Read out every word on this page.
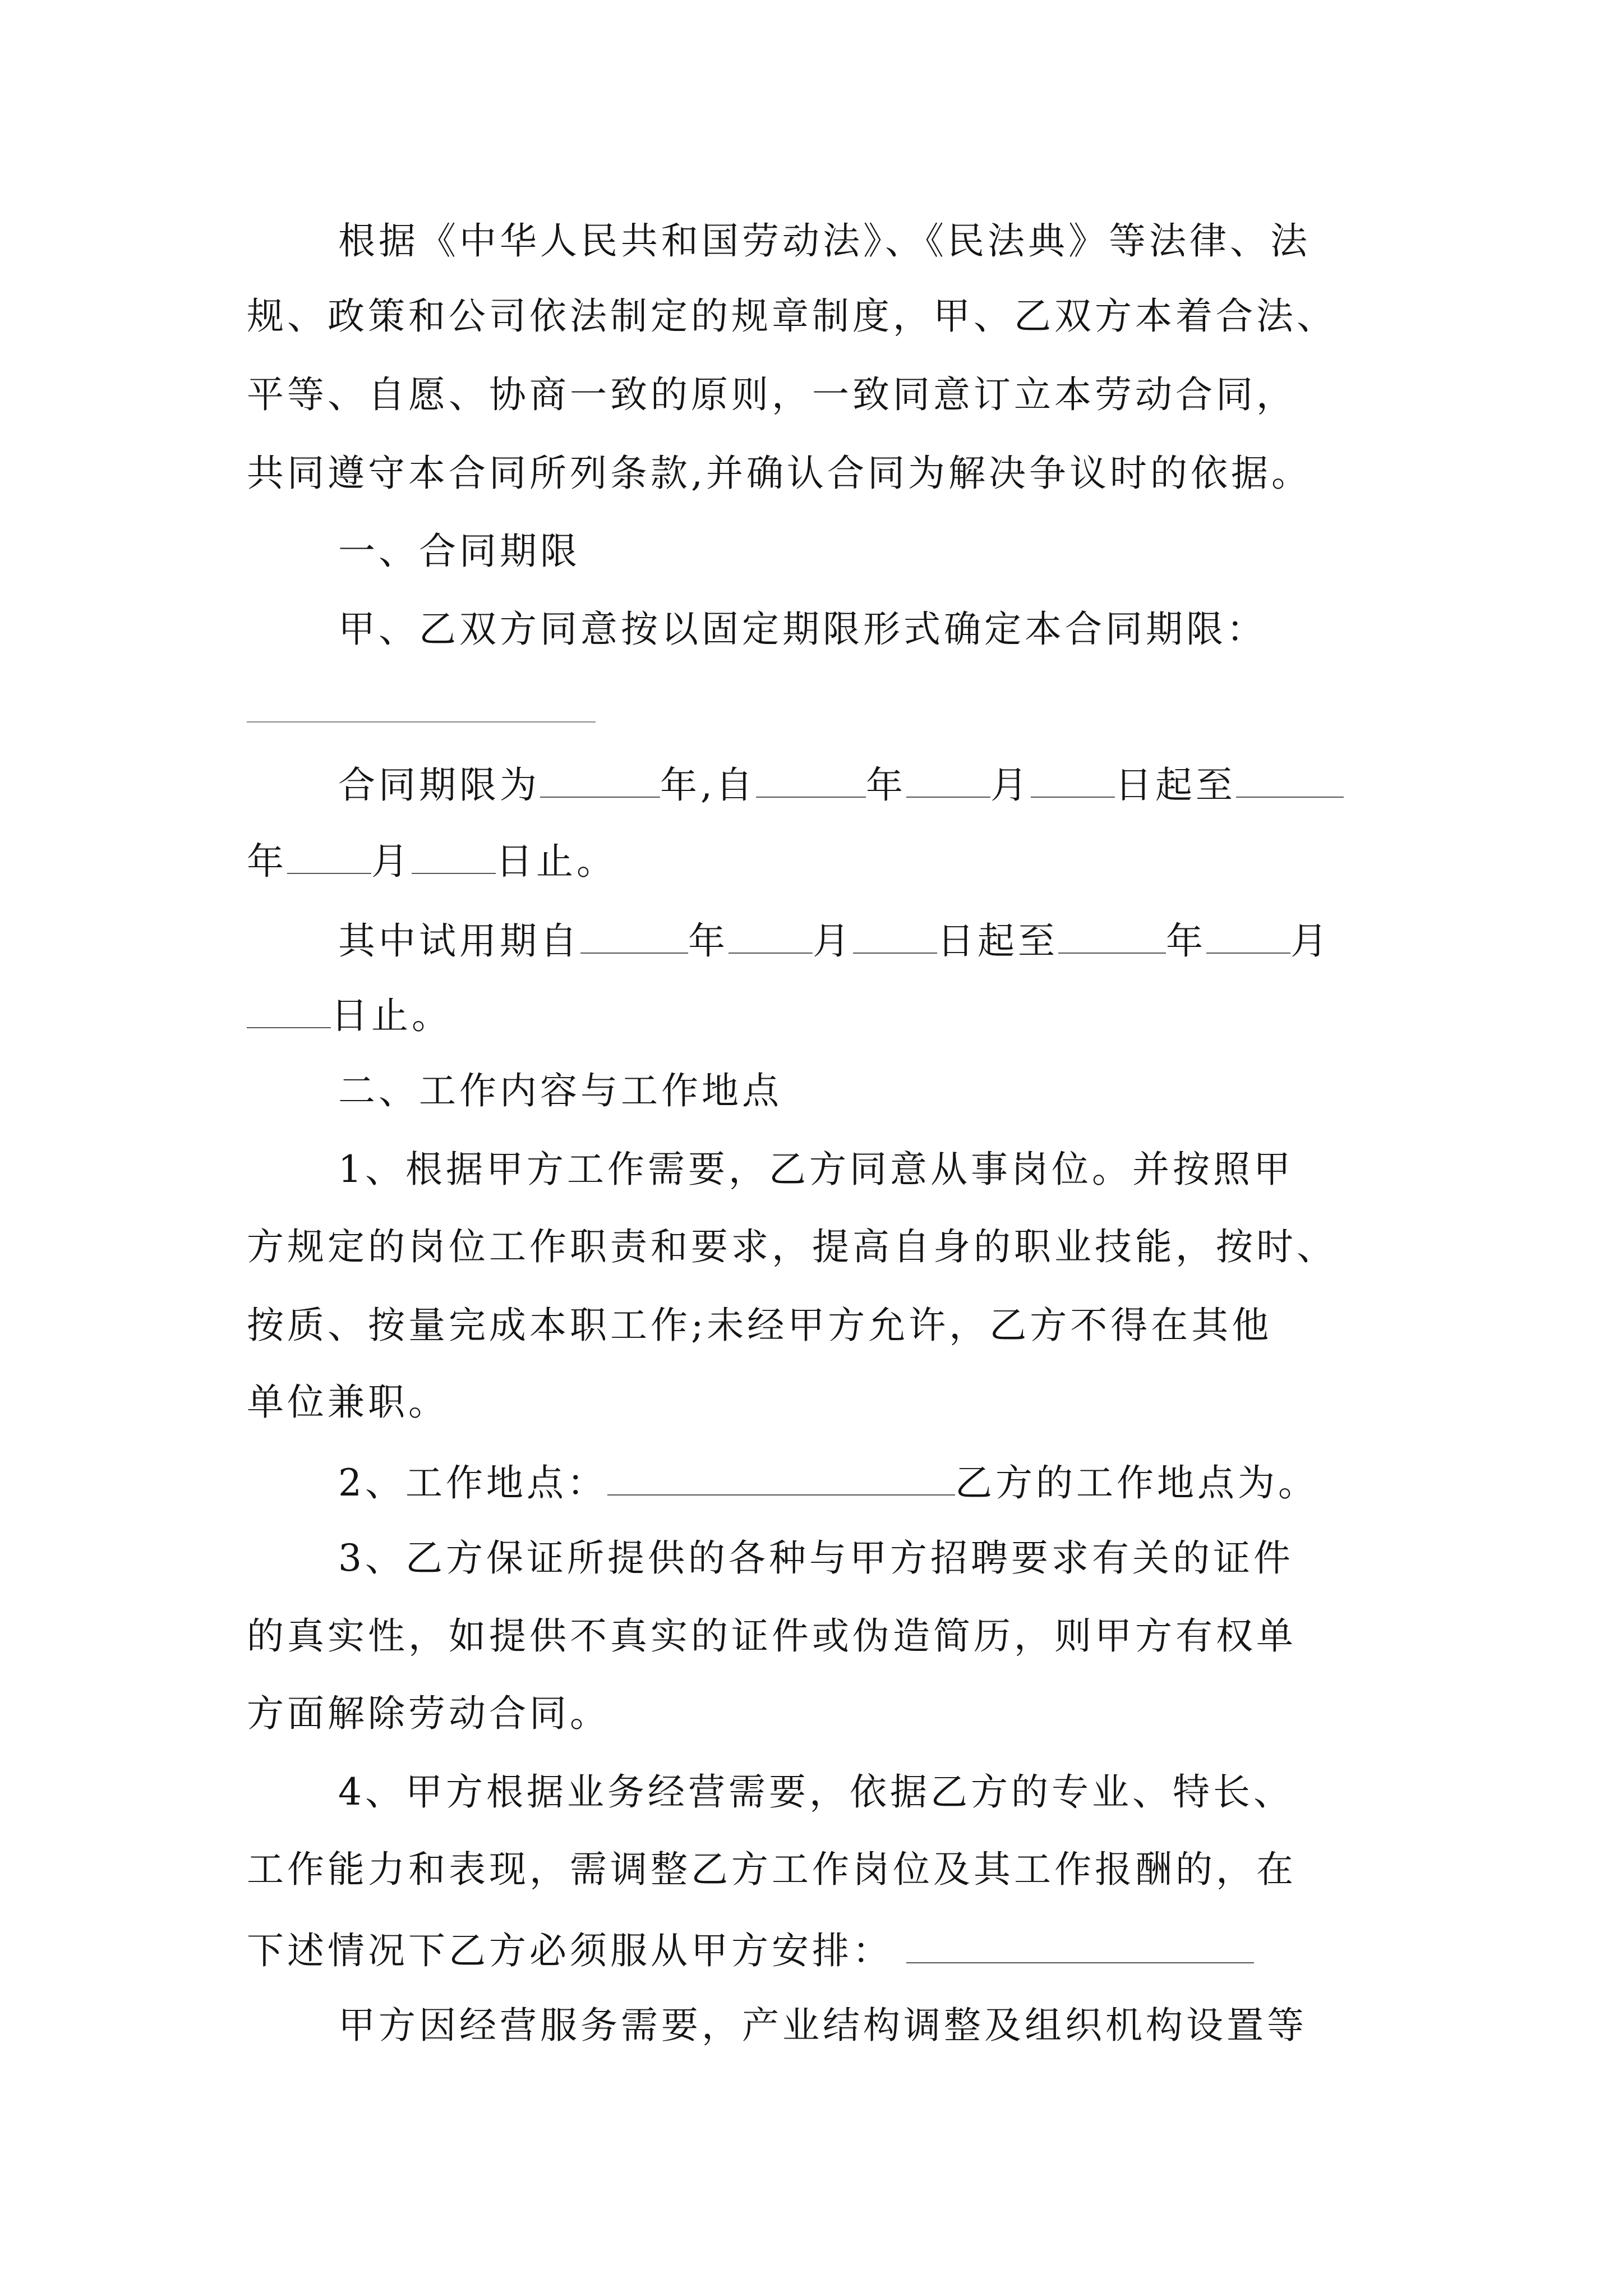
根据《中华人民共和国劳动法》、《民法典》等法律、法
规、政策和公司依法制定的规章制度，甲、乙双方本着合法、
平等、自愿、协商一致的原则，一致同意订立本劳动合同，
共同遵守本合同所列条款,并确认合同为解决争议时的依据。
一、合同期限
甲、乙双方同意按以固定期限形式确定本合同期限：
合同期限为	年,自	年 月 日起至
年 月 日止。
其中试用期自	年 月 日起至	年 月
日止。
二、工作内容与工作地点
1、根据甲方工作需要，乙方同意从事岗位。并按照甲
方规定的岗位工作职责和要求，提高自身的职业技能，按时、
按质、按量完成本职工作;未经甲方允许，乙方不得在其他
单位兼职。
2、工作地点：	乙方的工作地点为。
3、乙方保证所提供的各种与甲方招聘要求有关的证件
的真实性，如提供不真实的证件或伪造简历，则甲方有权单
方面解除劳动合同。
4、甲方根据业务经营需要，依据乙方的专业、特长、
工作能力和表现，需调整乙方工作岗位及其工作报酬的，在
下述情况下乙方必须服从甲方安排：
甲方因经营服务需要，产业结构调整及组织机构设置等
